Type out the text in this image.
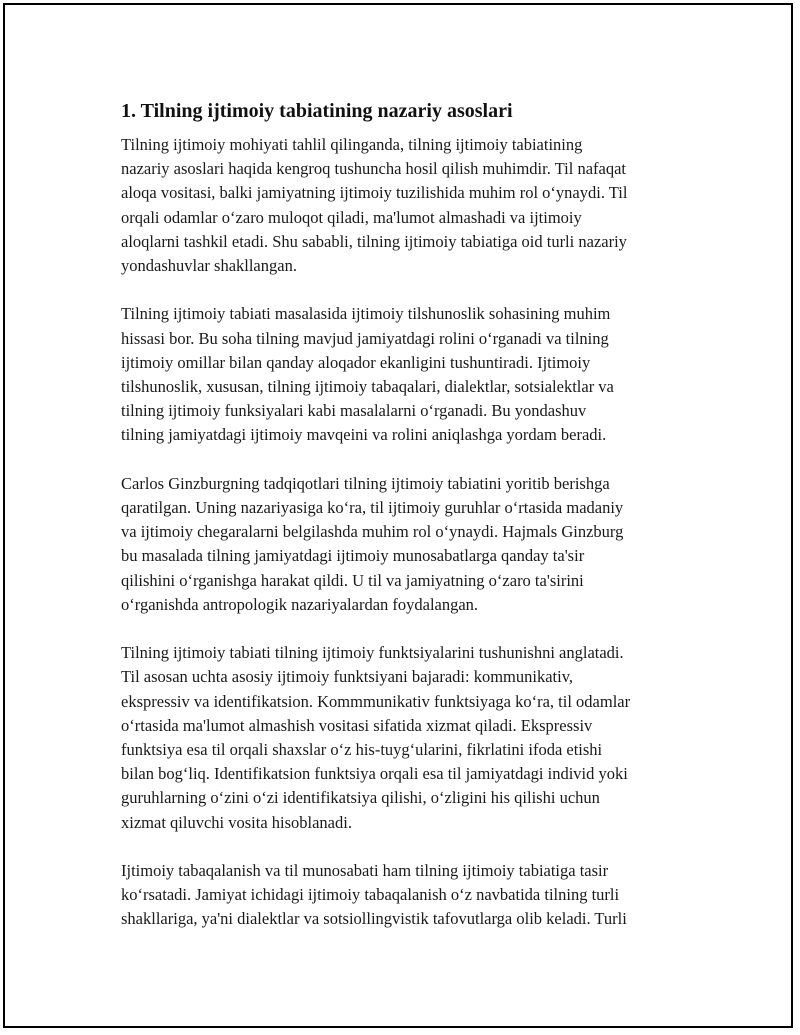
1. Tilning ijtimoiy tabiatining nazariy asoslari

Tilning ijtimoiy mohiyati tahlil qilinganda, tilning ijtimoiy tabiatining
nazariy asoslari haqida kengroq tushuncha hosil qilish muhimdir. Til nafaqat
aloqa vositasi, balki jamiyatning ijtimoiy tuzilishida muhim rol oʻynaydi. Til
orqali odamlar oʻzaro muloqot qiladi, ma'lumot almashadi va ijtimoiy
aloqlarni tashkil etadi. Shu sababli, tilning ijtimoiy tabiatiga oid turli nazariy
yondashuvlar shakllangan.

Tilning ijtimoiy tabiati masalasida ijtimoiy tilshunoslik sohasining muhim
hissasi bor. Bu soha tilning mavjud jamiyatdagi rolini oʻrganadi va tilning
ijtimoiy omillar bilan qanday aloqador ekanligini tushuntiradi. Ijtimoiy
tilshunoslik, xususan, tilning ijtimoiy tabaqalari, dialektlar, sotsialektlar va
tilning ijtimoiy funksiyalari kabi masalalarni oʻrganadi. Bu yondashuv
tilning jamiyatdagi ijtimoiy mavqeini va rolini aniqlashga yordam beradi.

Carlos Ginzburgning tadqiqotlari tilning ijtimoiy tabiatini yoritib berishga
qaratilgan. Uning nazariyasiga koʻra, til ijtimoiy guruhlar oʻrtasida madaniy
va ijtimoiy chegaralarni belgilashda muhim rol oʻynaydi. Hajmals Ginzburg
bu masalada tilning jamiyatdagi ijtimoiy munosabatlarga qanday ta'sir
qilishini oʻrganishga harakat qildi. U til va jamiyatning oʻzaro ta'sirini
oʻrganishda antropologik nazariyalardan foydalangan.

Tilning ijtimoiy tabiati tilning ijtimoiy funktsiyalarini tushunishni anglatadi.
Til asosan uchta asosiy ijtimoiy funktsiyani bajaradi: kommunikativ,
ekspressiv va identifikatsion. Kommmunikativ funktsiyaga koʻra, til odamlar
oʻrtasida ma'lumot almashish vositasi sifatida xizmat qiladi. Ekspressiv
funktsiya esa til orqali shaxslar oʻz his-tuygʻularini, fikrlatini ifoda etishi
bilan bogʻliq. Identifikatsion funktsiya orqali esa til jamiyatdagi individ yoki
guruhlarning oʻzini oʻzi identifikatsiya qilishi, oʻzligini his qilishi uchun
xizmat qiluvchi vosita hisoblanadi.

Ijtimoiy tabaqalanish va til munosabati ham tilning ijtimoiy tabiatiga tasir
koʻrsatadi. Jamiyat ichidagi ijtimoiy tabaqalanish oʻz navbatida tilning turli
shakllariga, ya'ni dialektlar va sotsiollingvistik tafovutlarga olib keladi. Turli
